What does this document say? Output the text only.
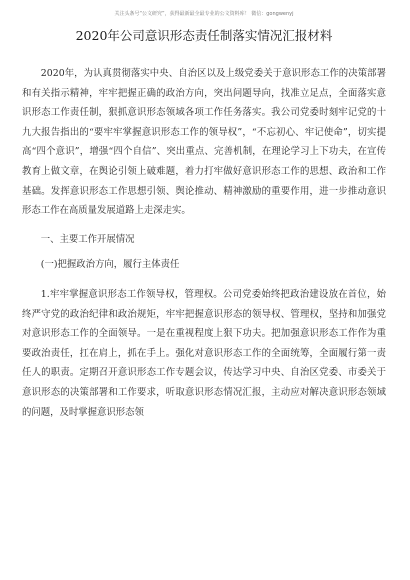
关注头条号“公文研究”，获得最新最全最专业的公文资料库！ 微信：gongwenyj
2020年公司意识形态责任制落实情况汇报材料

2020年，为认真贯彻落实中央、自治区以及上级党委关于意识形态工作的决策部署和有关指示精神，牢牢把握正确的政治方向，突出问题导向，找准立足点，全面落实意识形态工作责任制，狠抓意识形态领域各项工作任务落实。我公司党委时刻牢记党的十九大报告指出的“要牢牢掌握意识形态工作的领导权”，“不忘初心、牢记使命”，切实提高“四个意识”，增强“四个自信”、突出重点、完善机制，在理论学习上下功夫，在宣传教育上做文章，在舆论引领上破难题，着力打牢做好意识形态工作的思想、政治和工作基础。发挥意识形态工作思想引领、舆论推动、精神激励的重要作用，进一步推动意识形态工作在高质量发展道路上走深走实。

一、主要工作开展情况
(一)把握政治方向，履行主体责任

1.牢牢掌握意识形态工作领导权，管理权。公司党委始终把政治建设放在首位，始终严守党的政治纪律和政治规矩，牢牢把握意识形态的领导权、管理权，坚持和加强党对意识形态工作的全面领导。一是在重视程度上狠下功夫。把加强意识形态工作作为重要政治责任，扛在肩上，抓在手上。强化对意识形态工作的全面统筹，全面履行第一责任人的职责。定期召开意识形态工作专题会议，传达学习中央、自治区党委、市委关于意识形态的决策部署和工作要求，听取意识形态情况汇报，主动应对解决意识形态领域的问题，及时掌握意识形态领
